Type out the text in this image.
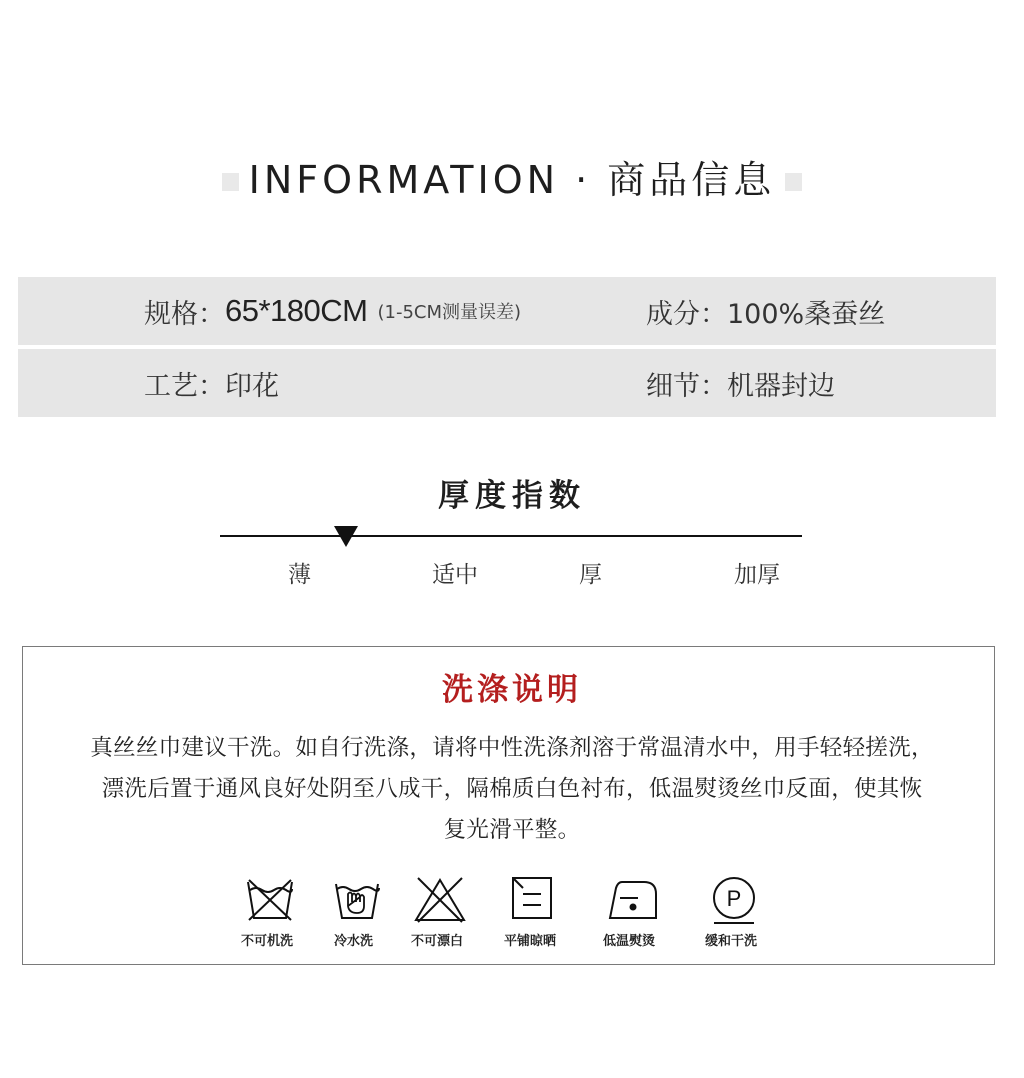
INFORMATION · 商品信息
规格： 65*180CM (1-5CM测量误差)	成分： 100%桑蚕丝
工艺： 印花	细节： 机器封边
厚度指数
薄	适中	厚	加厚
洗涤说明
真丝丝巾建议干洗。如自行洗涤，请将中性洗涤剂溶于常温清水中，用手轻轻搓洗，
漂洗后置于通风良好处阴至八成干，隔棉质白色衬布，低温熨烫丝巾反面，使其恢
复光滑平整。
不可机洗	冷水洗	不可漂白	平铺晾晒	低温熨烫
P
缓和干洗
